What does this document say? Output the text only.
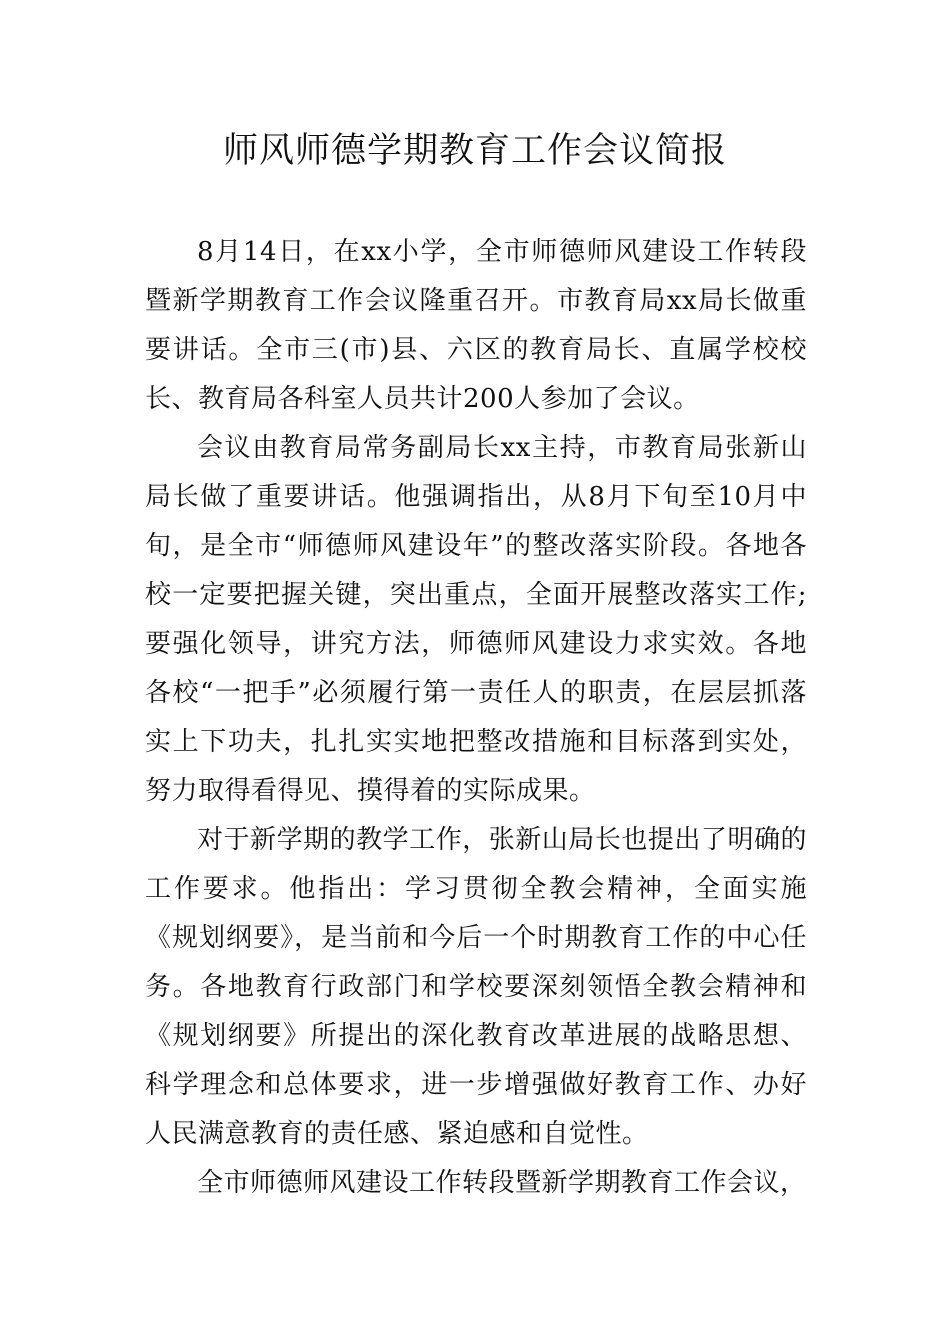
师风师德学期教育工作会议简报

8月14日，在xx小学，全市师德师风建设工作转段暨新学期教育工作会议隆重召开。市教育局xx局长做重要讲话。全市三(市)县、六区的教育局长、直属学校校长、教育局各科室人员共计200人参加了会议。

会议由教育局常务副局长xx主持，市教育局张新山局长做了重要讲话。他强调指出，从8月下旬至10月中旬，是全市“师德师风建设年”的整改落实阶段。各地各校一定要把握关键，突出重点，全面开展整改落实工作;要强化领导，讲究方法，师德师风建设力求实效。各地各校“一把手”必须履行第一责任人的职责，在层层抓落实上下功夫，扎扎实实地把整改措施和目标落到实处，努力取得看得见、摸得着的实际成果。

对于新学期的教学工作，张新山局长也提出了明确的工作要求。他指出：学习贯彻全教会精神，全面实施《规划纲要》，是当前和今后一个时期教育工作的中心任务。各地教育行政部门和学校要深刻领悟全教会精神和《规划纲要》所提出的深化教育改革进展的战略思想、科学理念和总体要求，进一步增强做好教育工作、办好人民满意教育的责任感、紧迫感和自觉性。

全市师德师风建设工作转段暨新学期教育工作会议，
